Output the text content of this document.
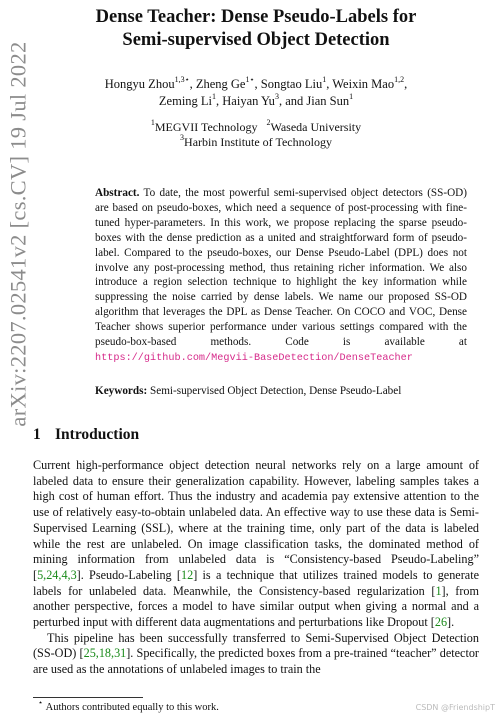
arXiv:2207.02541v2 [cs.CV] 19 Jul 2022
Dense Teacher: Dense Pseudo-Labels for
Semi-supervised Object Detection
Hongyu Zhou$^{1,3⋆}$, Zheng $Ge^{1⋆}$, Songtao Liu$^1$, Weixin Mao$^{1,2}$,
Zeming Li$^1$, Haiyan Yu$^3$, and Jian Sun$^1$
$^1$MEGVII Technology $^2$Waseda University
$^3$Harbin Institute of Technology
Abstract. To date, the most powerful semi-supervised object detectors (SS-OD) are based on pseudo-boxes, which need a sequence of post-processing with fine-tuned hyper-parameters. In this work, we propose replacing the sparse pseudo-boxes with the dense prediction as a united and straightforward form of pseudo-label. Compared to the pseudo-boxes, our Dense Pseudo-Label (DPL) does not involve any post-processing method, thus retaining richer information. We also introduce a region selection technique to highlight the key information while suppressing the noise carried by dense labels. We name our proposed SS-OD algorithm that leverages the DPL as Dense Teacher. On COCO and VOC, Dense Teacher shows superior performance under various settings compared with the pseudo-box-based methods. Code is available at https://github.com/Megvii-BaseDetection/DenseTeacher
Keywords: Semi-supervised Object Detection, Dense Pseudo-Label
1 Introduction

Current high-performance object detection neural networks rely on a large amount of labeled data to ensure their generalization capability. However, labeling samples takes a high cost of human effort. Thus the industry and academia pay extensive attention to the use of relatively easy-to-obtain unlabeled data. An effective way to use these data is Semi-Supervised Learning (SSL), where at the training time, only part of the data is labeled while the rest are unlabeled. On image classification tasks, the dominated method of mining information from unlabeled data is “Consistency-based Pseudo-Labeling” [5,24,4,3]. Pseudo-Labeling [12] is a technique that utilizes trained models to generate labels for unlabeled data. Meanwhile, the Consistency-based regularization [1], from another perspective, forces a model to have similar output when giving a normal and a perturbed input with different data augmentations and perturbations like Dropout [26].

This pipeline has been successfully transferred to Semi-Supervised Object Detection (SS-OD) [25,18,31]. Specifically, the predicted boxes from a pre-trained “teacher” detector are used as the annotations of unlabeled images to train the

⋆ Authors contributed equally to this work.	CSDN @FriendshipT
